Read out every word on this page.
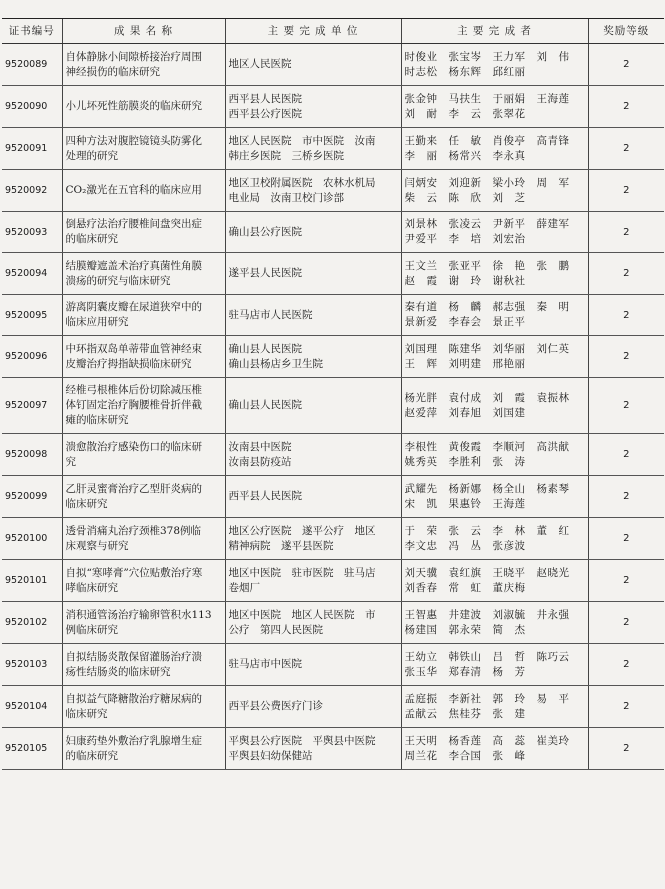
证书编号	成 果 名 称	主 要 完 成 单 位	主 要 完 成 者	奖励等级
9520089	自体静脉小间隙桥接治疗周围
神经损伤的临床研究	地区人民医院	时俊业　张宝岑　王力军　刘　伟
时志松　杨东辉　邱红丽	2
9520090	小儿坏死性筋膜炎的临床研究	西平县人民医院
西平县公疗医院	张金钟　马扶生　于丽娟　王海莲
刘　耐　李　云　张翠花	2
9520091	四种方法对腹腔镜镜头防雾化
处理的研究	地区人民医院　市中医院　汝南
韩庄乡医院　三桥乡医院	王勤来　任　敏　肖俊亭　高青锋
李　丽　杨常兴　李永真	2
9520092	CO₂激光在五官科的临床应用	地区卫校附属医院　农林水机局
电业局　汝南卫校门诊部	闫炳安　刘迎新　梁小玲　周　军
柴　云　陈　欣　刘　芝	2
9520093	倒悬疗法治疗腰椎间盘突出症
的临床研究	确山县公疗医院	刘景林　张凌云　尹新平　薛建军
尹爱平　李　培　刘宏治	2
9520094	结膜瓣遮盖术治疗真菌性角膜
溃疡的研究与临床研究	遂平县人民医院	王文兰　张亚平　徐　艳　张　鹏
赵　霞　谢　玲　谢秋社	2
9520095	游离阴囊皮瓣在尿道狭窄中的
临床应用研究	驻马店市人民医院	秦有道　杨　麟　郝志强　秦　明
景新爱　李春会　景正平	2
9520096	中环指双岛单蒂带血管神经束
皮瓣治疗拇指缺损临床研究	确山县人民医院
确山县杨店乡卫生院	刘国理　陈建华　刘华丽　刘仁英
王　辉　刘明建　邢艳丽	2
9520097	经椎弓根椎体后份切除减压椎
体钉固定治疗胸腰椎骨折伴截
瘫的临床研究	确山县人民医院	杨光胖　袁付成　刘　霞　袁振林
赵爱萍　刘春旭　刘国建	2
9520098	溃愈散治疗感染伤口的临床研
究	汝南县中医院
汝南县防疫站	李根性　黄俊霞　李顺河　高洪献
姚秀英　李胜利　张　涛	2
9520099	乙肝灵蜜膏治疗乙型肝炎病的
临床研究	西平县人民医院	武耀先　杨新娜　杨全山　杨素琴
宋　凯　果惠铃　王海莲	2
9520100	透骨消痛丸治疗颈椎378例临
床观察与研究	地区公疗医院　遂平公疗　地区
精神病院　遂平县医院	于　荣　张　云　李　林　董　红
李文忠　冯　丛　张彦波	2
9520101	自拟“寒哮膏”穴位贴敷治疗寒
哮临床研究	地区中医院　驻市医院　驻马店
卷烟厂	刘天骥　袁红旗　王晓平　赵晓光
刘香春　常　虹　董庆梅	2
9520102	消积通管汤治疗输卵管积水113
例临床研究	地区中医院　地区人民医院　市
公疗　第四人民医院	王智惠　井建波　刘淑毓　井永强
杨建国　郭永荣　简　杰	2
9520103	自拟结肠炎散保留灌肠治疗溃
疡性结肠炎的临床研究	驻马店市中医院	王幼立　韩铁山　吕　哲　陈巧云
张玉华　郑春清　杨　芳	2
9520104	自拟益气降糖散治疗糖尿病的
临床研究	西平县公费医疗门诊	孟庭振　李新社　郭　玲　易　平
孟献云　焦桂芬　张　建	2
9520105	妇康药垫外敷治疗乳腺增生症
的临床研究	平舆县公疗医院　平舆县中医院
平舆县妇幼保健站	王天明　杨香莲　高　蕊　崔美玲
周兰花　李合国　张　峰	2
